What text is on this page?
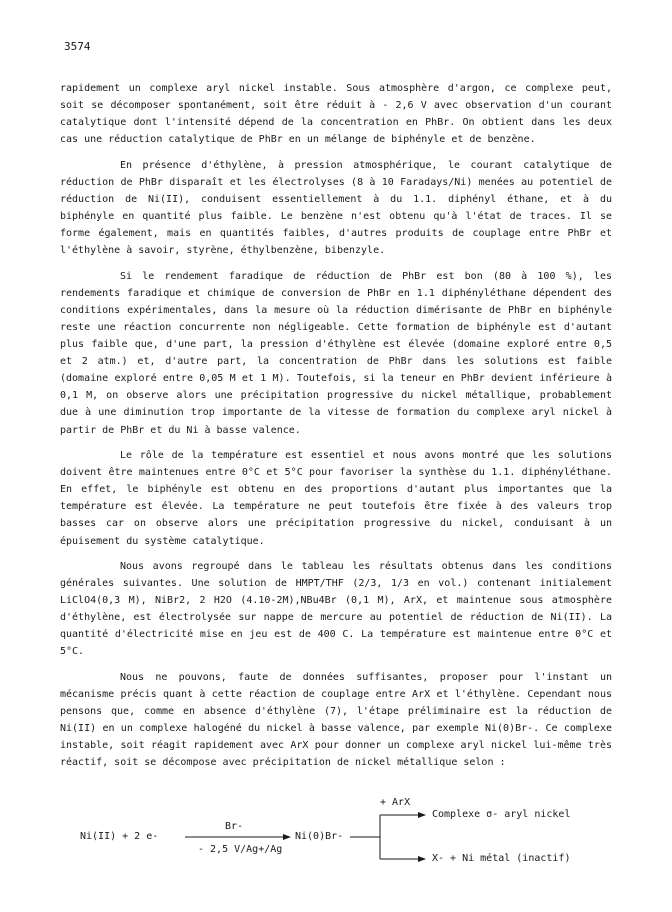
3574

rapidement un complexe aryl nickel instable. Sous atmosphère d'argon, ce complexe peut, soit se décomposer spontanément, soit être réduit à - 2,6 V avec observation d'un courant catalytique dont l'intensité dépend de la concentration en PhBr. On obtient dans les deux cas une réduction catalytique de PhBr en un mélange de biphényle et de benzène.

En présence d'éthylène, à pression atmosphérique, le courant catalytique de réduction de PhBr disparaît et les électrolyses (8 à 10 Faradays/Ni) menées au potentiel de réduction de Ni(II), conduisent essentiellement à du 1.1. diphényl éthane, et à du biphényle en quantité plus faible. Le benzène n'est obtenu qu'à l'état de traces. Il se forme également, mais en quantités faibles, d'autres produits de couplage entre PhBr et l'éthylène à savoir, styrène, éthylbenzène, bibenzyle.

Si le rendement faradique de réduction de PhBr est bon (80 à 100 %), les rendements faradique et chimique de conversion de PhBr en 1.1 diphényléthane dépendent des conditions expérimentales, dans la mesure où la réduction dimérisante de PhBr en biphényle reste une réaction concurrente non négligeable. Cette formation de biphényle est d'autant plus faible que, d'une part, la pression d'éthylène est élevée (domaine exploré entre 0,5 et 2 atm.) et, d'autre part, la concentration de PhBr dans les solutions est faible (domaine exploré entre 0,05 M et 1 M). Toutefois, si la teneur en PhBr devient inférieure à 0,1 M, on observe alors une précipitation progressive du nickel métallique, probablement due à une diminution trop importante de la vitesse de formation du complexe aryl nickel à partir de PhBr et du Ni à basse valence.

Le rôle de la température est essentiel et nous avons montré que les solutions doivent être maintenues entre 0°C et 5°C pour favoriser la synthèse du 1.1. diphényléthane. En effet, le biphényle est obtenu en des proportions d'autant plus importantes que la température est élevée. La température ne peut toutefois être fixée à des valeurs trop basses car on observe alors une précipitation progressive du nickel, conduisant à un épuisement du système catalytique.

Nous avons regroupé dans le tableau les résultats obtenus dans les conditions générales suivantes. Une solution de HMPT/THF (2/3, 1/3 en vol.) contenant initialement LiClO4(0,3 M), NiBr2, 2 H2O (4.10-2M),NBu4Br (0,1 M), ArX, et maintenue sous atmosphère d'éthylène, est électrolysée sur nappe de mercure au potentiel de réduction de Ni(II). La quantité d'électricité mise en jeu est de 400 C. La température est maintenue entre 0°C et 5°C.

Nous ne pouvons, faute de données suffisantes, proposer pour l'instant un mécanisme précis quant à cette réaction de couplage entre ArX et l'éthylène. Cependant nous pensons que, comme en absence d'éthylène (7), l'étape préliminaire est la réduction de Ni(II) en un complexe halogéné du nickel à basse valence, par exemple Ni(0)Br-. Ce complexe instable, soit réagit rapidement avec ArX pour donner un complexe aryl nickel lui-même très réactif, soit se décompose avec précipitation de nickel métallique selon :

Ni(II) + 2 e-
Br-
- 2,5 V/Ag+/Ag
Ni(0)Br-
+ ArX
Complexe σ- aryl nickel
X- + Ni métal (inactif)
